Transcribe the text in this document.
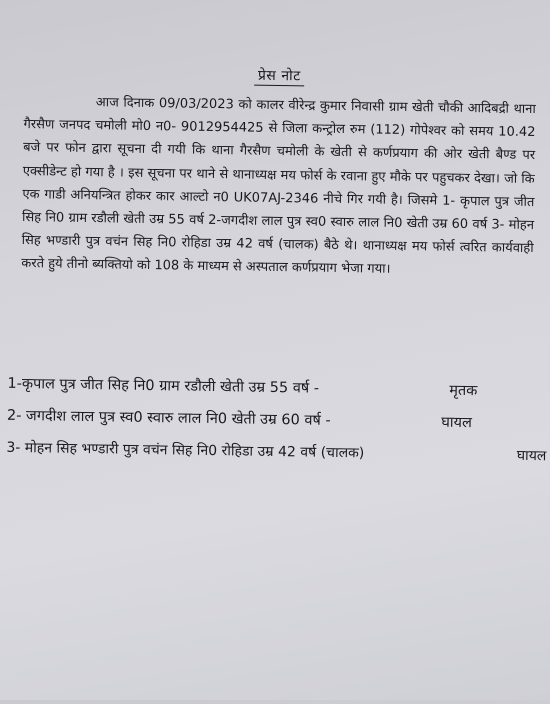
प्रेस नोट
आज दिनाक 09/03/2023 को कालर वीरेन्द्र कुमार निवासी ग्राम खेती चौकी आदिबद्री थाना गैरसैण जनपद चमोली मो0 न0- 9012954425 से जिला कन्ट्रोल रुम (112) गोपेश्वर को समय 10.42 बजे पर फोन द्वारा सूचना दी गयी कि थाना गैरसैण चमोली के खेती से कर्णप्रयाग की ओर खेती बैण्ड पर एक्सीडेन्ट हो गया है । इस सूचना पर थाने से थानाध्यक्ष मय फोर्स के रवाना हुए मौके पर पहुचकर देखा। जो कि एक गाडी अनियन्त्रित होकर कार आल्टो न0 UK07AJ-2346 नीचे गिर गयी है। जिसमे 1- कृपाल पुत्र जीत सिह नि0 ग्राम रडौली खेती उम्र 55 वर्ष 2-जगदीश लाल पुत्र स्व0 स्वारु लाल नि0 खेती उम्र 60 वर्ष 3- मोहन सिह भण्डारी पुत्र वचंन सिह नि0 रोहिडा उम्र 42 वर्ष (चालक) बैठे थे। थानाध्यक्ष मय फोर्स त्वरित कार्यवाही करते हुये तीनो ब्यक्तियो को 108 के माध्यम से अस्पताल कर्णप्रयाग भेजा गया।
1-कृपाल पुत्र जीत सिह नि0 ग्राम रडौली खेती उम्र 55 वर्ष -	मृतक
2- जगदीश लाल पुत्र स्व0 स्वारु लाल नि0 खेती उम्र 60 वर्ष -	घायल
3- मोहन सिह भण्डारी पुत्र वचंन सिह नि0 रोहिडा उम्र 42 वर्ष (चालक)	घायल
